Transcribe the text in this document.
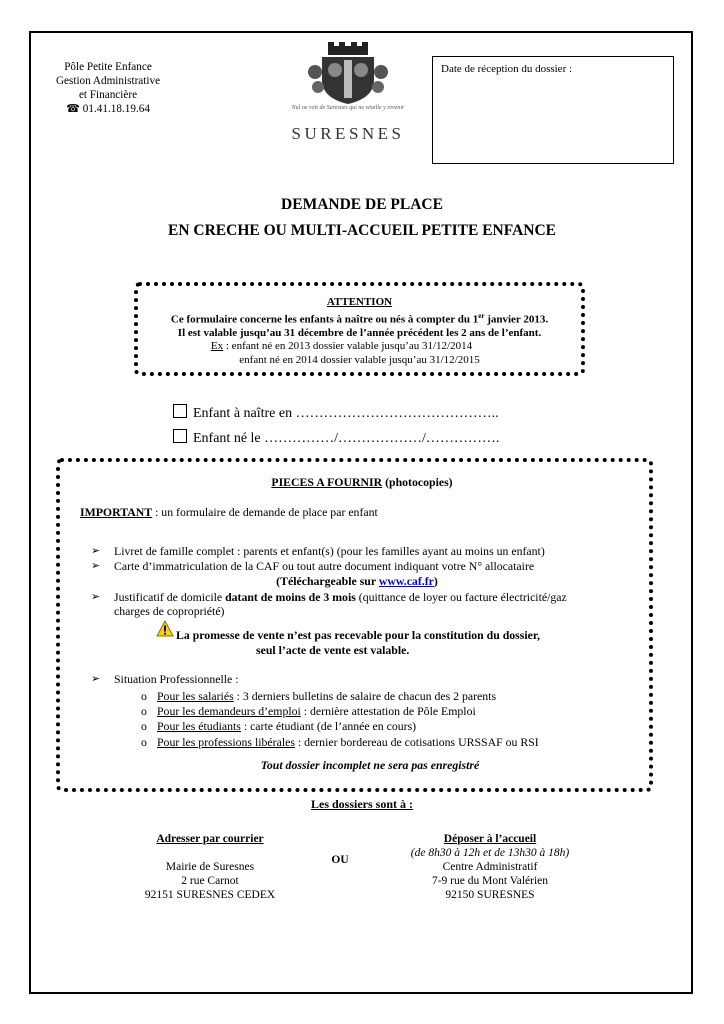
Pôle Petite Enfance
Gestion Administrative
et Financière
☎ 01.41.18.19.64	Nul ne voit de Suresnes qui ne veuille y revenir
SURESNES
Date de réception du dossier :
DEMANDE DE PLACE
EN CRECHE OU MULTI-ACCUEIL PETITE ENFANCE
ATTENTION
Ce formulaire concerne les enfants à naître ou nés à compter du 1er janvier 2013.
Il est valable jusqu’au 31 décembre de l’année précédent les 2 ans de l’enfant.
Ex : enfant né en 2013 dossier valable jusqu’au 31/12/2014
enfant né en 2014 dossier valable jusqu’au 31/12/2015
Enfant à naître en ……………………………………..
Enfant né le ……………/………………/…………….
PIECES A FOURNIR (photocopies)
IMPORTANT : un formulaire de demande de place par enfant
➢ Livret de famille complet : parents et enfant(s) (pour les familles ayant au moins un enfant)
➢ Carte d’immatriculation de la CAF ou tout autre document indiquant votre N° allocataire
(Téléchargeable sur www.caf.fr)
➢ Justificatif de domicile datant de moins de 3 mois (quittance de loyer ou facture électricité/gaz
charges de copropriété)
La promesse de vente n’est pas recevable pour la constitution du dossier,
seul l’acte de vente est valable.
➢ Situation Professionnelle :
o Pour les salariés : 3 derniers bulletins de salaire de chacun des 2 parents
o Pour les demandeurs d’emploi : dernière attestation de Pôle Emploi
o Pour les étudiants : carte étudiant (de l’année en cours)
o Pour les professions libérales : dernier bordereau de cotisations URSSAF ou RSI
Tout dossier incomplet ne sera pas enregistré
Les dossiers sont à :
Adresser par courrier
Mairie de Suresnes
2 rue Carnot
92151 SURESNES CEDEX
OU
Déposer à l’accueil
(de 8h30 à 12h et de 13h30 à 18h)
Centre Administratif
7-9 rue du Mont Valérien
92150 SURESNES
